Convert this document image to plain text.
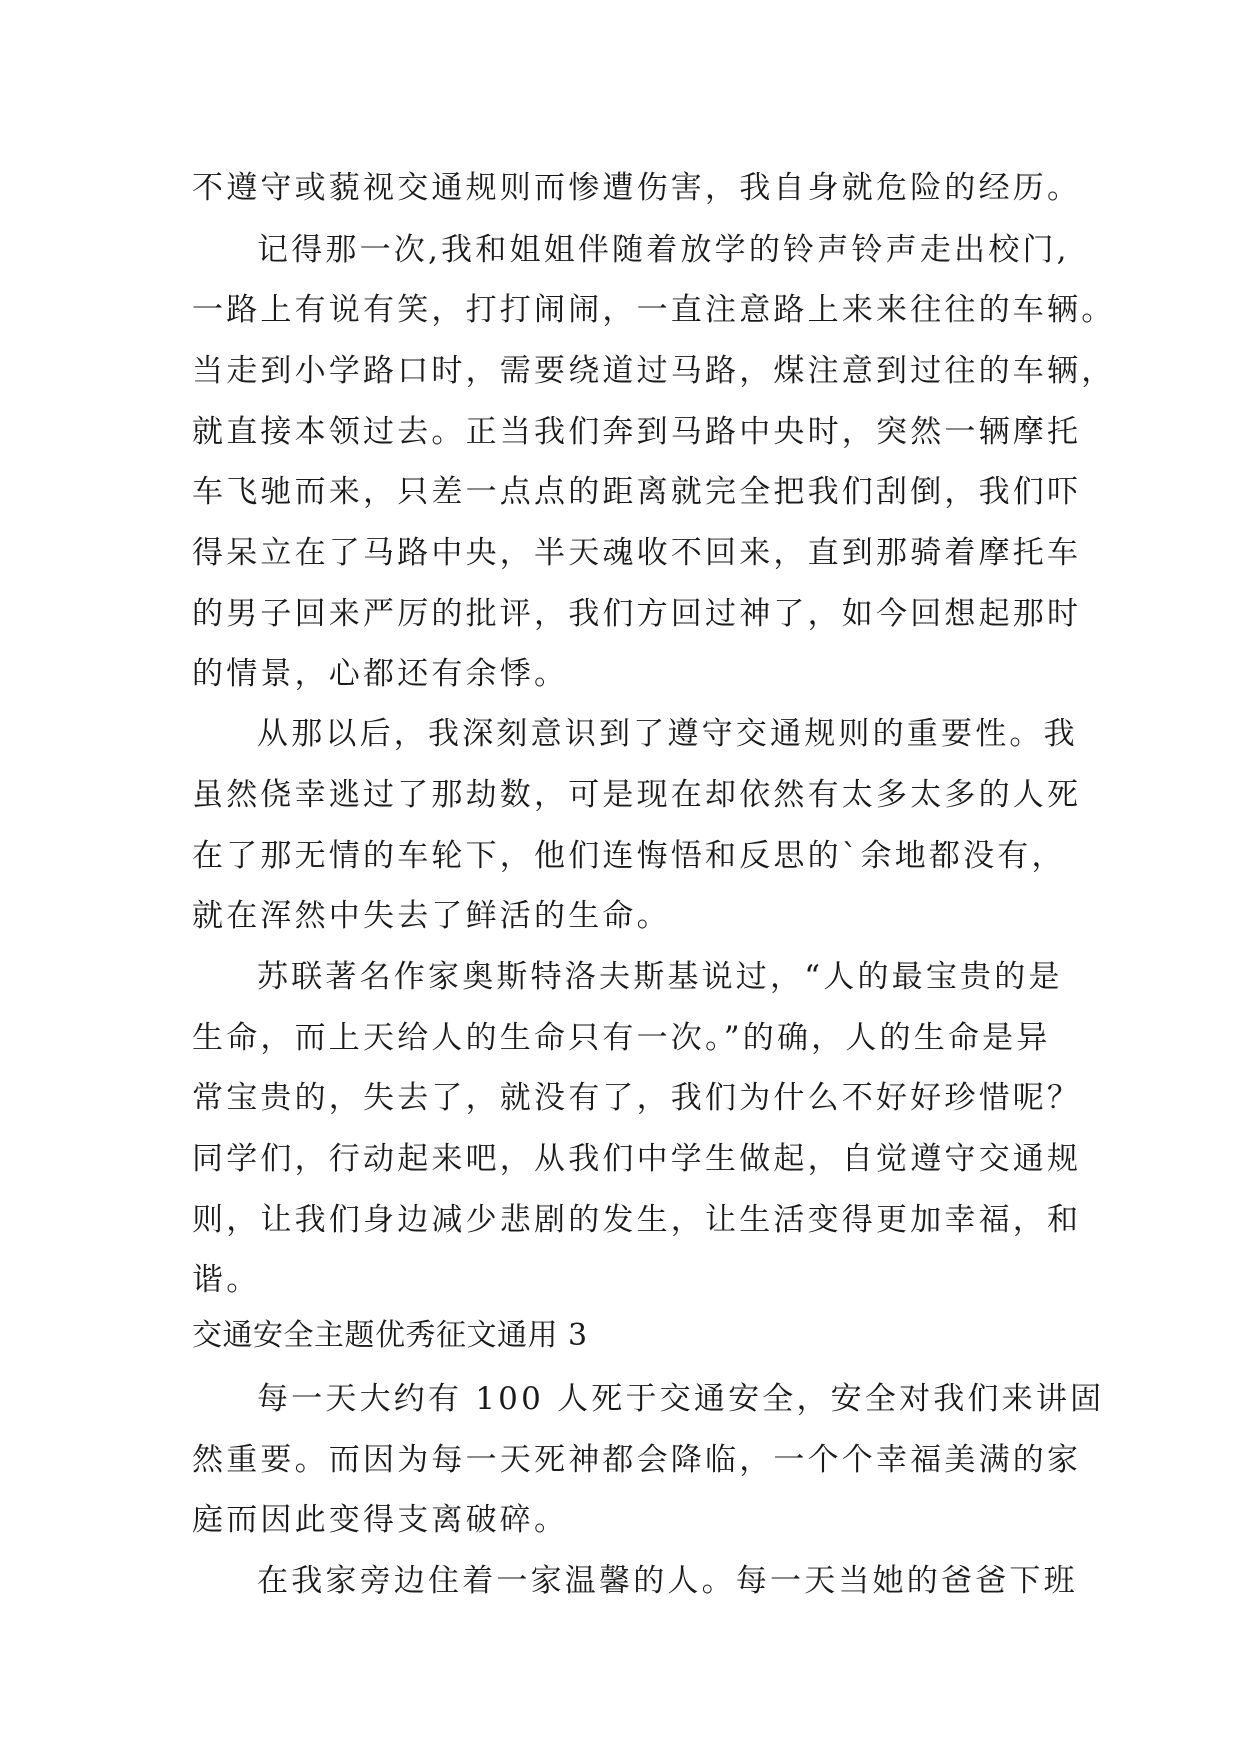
不遵守或藐视交通规则而惨遭伤害，我自身就危险的经历。
记得那一次,我和姐姐伴随着放学的铃声铃声走出校门,
一路上有说有笑，打打闹闹，一直注意路上来来往往的车辆。
当走到小学路口时，需要绕道过马路，煤注意到过往的车辆，
就直接本领过去。正当我们奔到马路中央时，突然一辆摩托
车飞驰而来，只差一点点的距离就完全把我们刮倒，我们吓
得呆立在了马路中央，半天魂收不回来，直到那骑着摩托车
的男子回来严厉的批评，我们方回过神了，如今回想起那时
的情景，心都还有余悸。
从那以后，我深刻意识到了遵守交通规则的重要性。我
虽然侥幸逃过了那劫数，可是现在却依然有太多太多的人死
在了那无情的车轮下，他们连悔悟和反思的`余地都没有，
就在浑然中失去了鲜活的生命。
苏联著名作家奥斯特洛夫斯基说过，“人的最宝贵的是
生命，而上天给人的生命只有一次。”的确，人的生命是异
常宝贵的，失去了，就没有了，我们为什么不好好珍惜呢？
同学们，行动起来吧，从我们中学生做起，自觉遵守交通规
则，让我们身边减少悲剧的发生，让生活变得更加幸福，和
谐。
交通安全主题优秀征文通用 3
每一天大约有 100 人死于交通安全，安全对我们来讲固
然重要。而因为每一天死神都会降临，一个个幸福美满的家
庭而因此变得支离破碎。
在我家旁边住着一家温馨的人。每一天当她的爸爸下班
